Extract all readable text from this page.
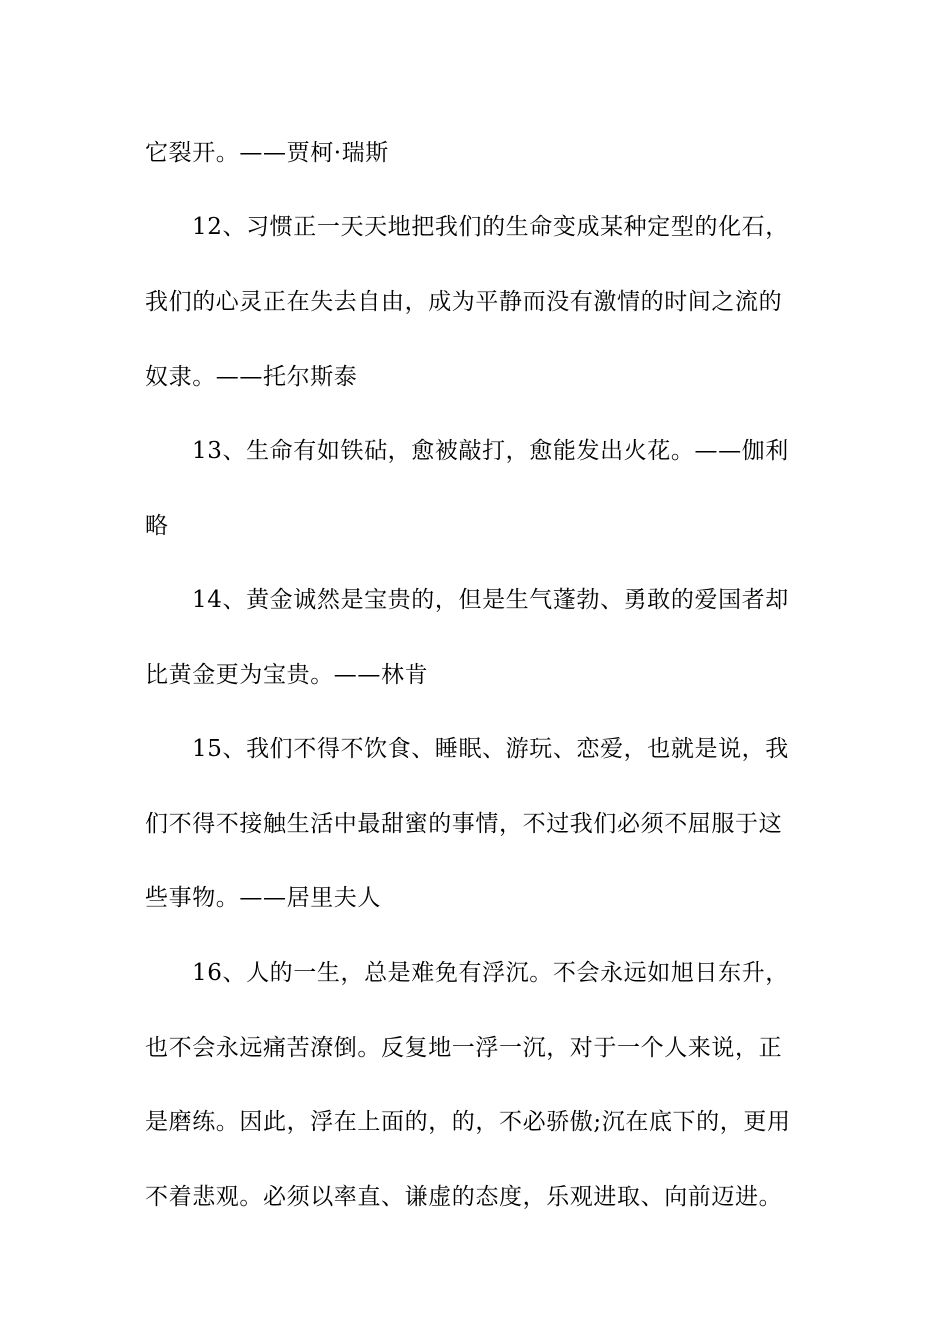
它裂开。——贾柯·瑞斯
12、习惯正一天天地把我们的生命变成某种定型的化石，
我们的心灵正在失去自由，成为平静而没有激情的时间之流的
奴隶。——托尔斯泰
13、生命有如铁砧，愈被敲打，愈能发出火花。——伽利
略
14、黄金诚然是宝贵的，但是生气蓬勃、勇敢的爱国者却
比黄金更为宝贵。——林肯
15、我们不得不饮食、睡眠、游玩、恋爱，也就是说，我
们不得不接触生活中最甜蜜的事情，不过我们必须不屈服于这
些事物。——居里夫人
16、人的一生，总是难免有浮沉。不会永远如旭日东升，
也不会永远痛苦潦倒。反复地一浮一沉，对于一个人来说，正
是磨练。因此，浮在上面的，的，不必骄傲;沉在底下的，更用
不着悲观。必须以率直、谦虚的态度，乐观进取、向前迈进。
